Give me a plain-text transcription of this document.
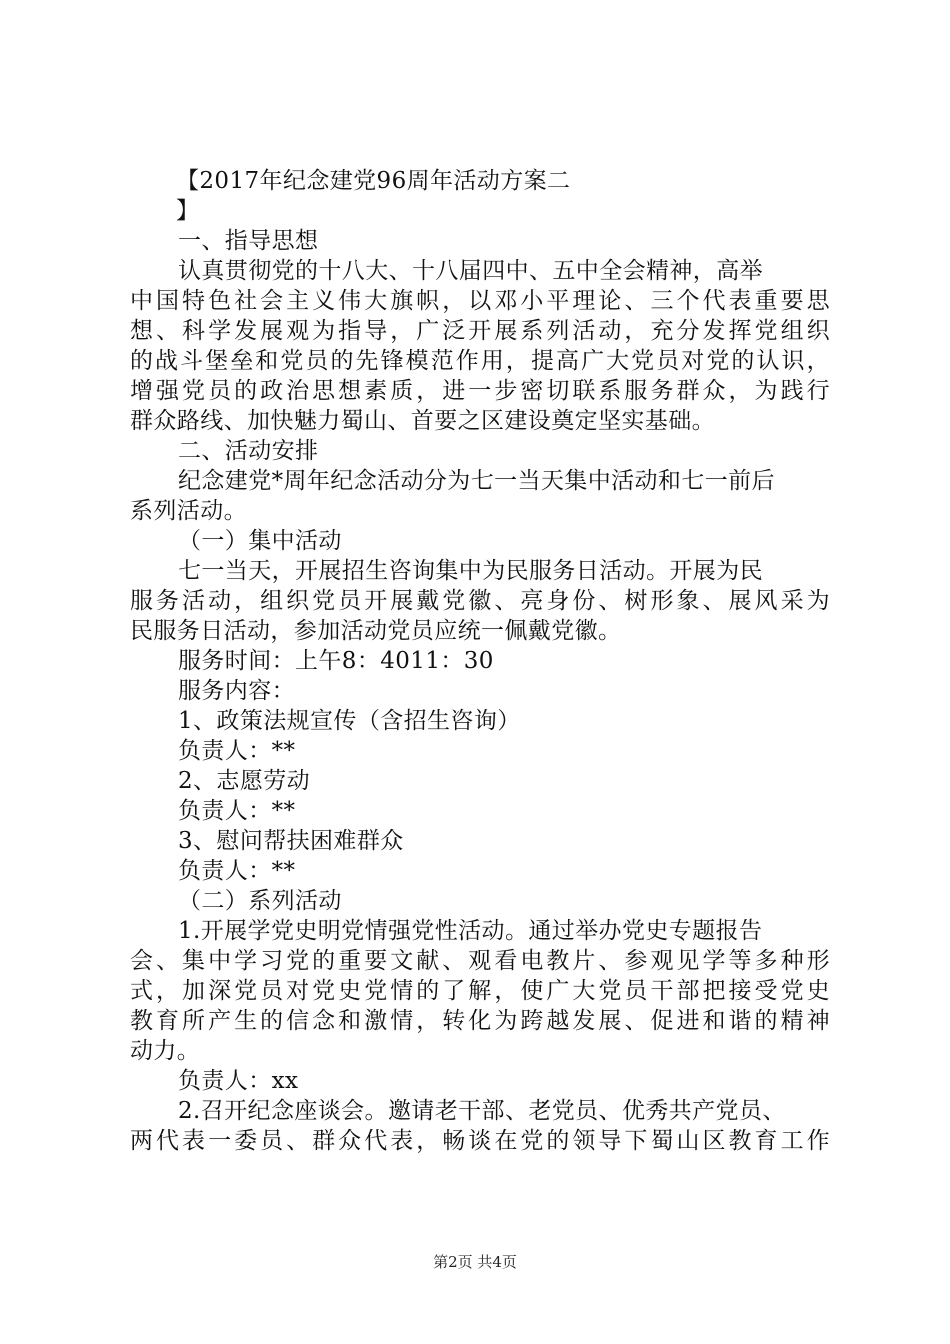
【2017年纪念建党96周年活动方案二
】
一、指导思想
认真贯彻党的十八大、十八届四中、五中全会精神，高举
中国特色社会主义伟大旗帜，以邓小平理论、三个代表重要思
想、科学发展观为指导，广泛开展系列活动，充分发挥党组织
的战斗堡垒和党员的先锋模范作用，提高广大党员对党的认识，
增强党员的政治思想素质，进一步密切联系服务群众，为践行
群众路线、加快魅力蜀山、首要之区建设奠定坚实基础。
二、活动安排
纪念建党*周年纪念活动分为七一当天集中活动和七一前后
系列活动。
（一）集中活动
七一当天，开展招生咨询集中为民服务日活动。开展为民
服务活动，组织党员开展戴党徽、亮身份、树形象、展风采为
民服务日活动，参加活动党员应统一佩戴党徽。
服务时间：上午8：4011：30
服务内容：
1、政策法规宣传（含招生咨询）
负责人：**
2、志愿劳动
负责人：**
3、慰问帮扶困难群众
负责人：**
（二）系列活动
1.开展学党史明党情强党性活动。通过举办党史专题报告
会、集中学习党的重要文献、观看电教片、参观见学等多种形
式，加深党员对党史党情的了解，使广大党员干部把接受党史
教育所产生的信念和激情，转化为跨越发展、促进和谐的精神
动力。
负责人：xx
2.召开纪念座谈会。邀请老干部、老党员、优秀共产党员、
两代表一委员、群众代表，畅谈在党的领导下蜀山区教育工作
第2页 共4页
